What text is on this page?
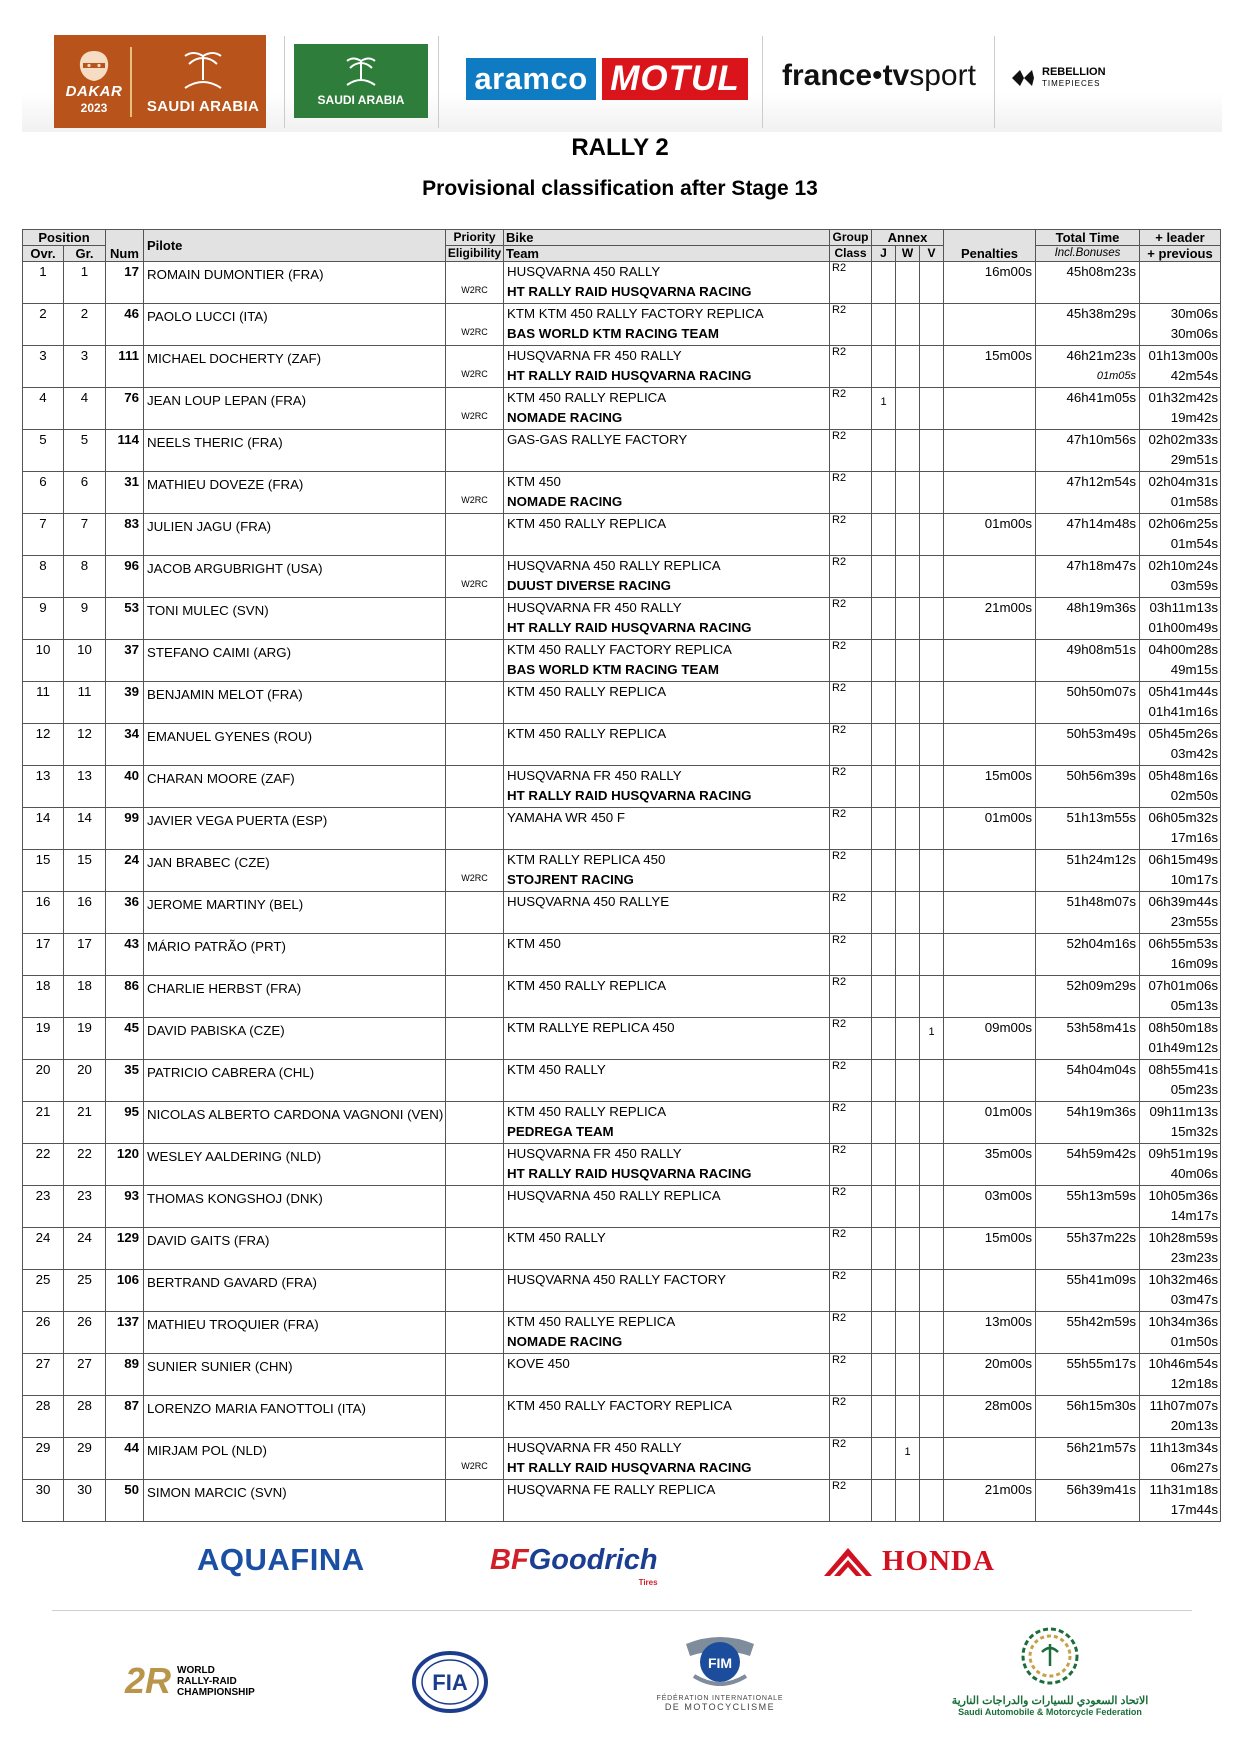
DAKAR
2023	SAUDI ARABIA	SAUDI ARABIA
aramco MOTUL france • tv sport	REBELLION
TIMEPIECES
RALLY 2
Provisional classification after Stage 13
Position		Num	Pilote	Priority	Bike	Group	Annex			Penalties	Total Time	+ leader
Ovr.	Gr.			Eligibility	Team	Class	J	W	V		Incl.Bonuses	+ previous
1	1	17	ROMAIN DUMONTIER (FRA)	W2RC	HUSQVARNA 450 RALLY
HT RALLY RAID HUSQVARNA RACING	R2				16m00s	45h08m23s	

2	2	46	PAOLO LUCCI (ITA)	W2RC	KTM KTM 450 RALLY FACTORY REPLICA
BAS WORLD KTM RACING TEAM	R2					45h38m29s	30m06s
30m06s

3	3	111	MICHAEL DOCHERTY (ZAF)	W2RC	HUSQVARNA FR 450 RALLY
HT RALLY RAID HUSQVARNA RACING	R2				15m00s	46h21m23s
01m05s	01h13m00s
42m54s

4	4	76	JEAN LOUP LEPAN (FRA)	W2RC	KTM 450 RALLY REPLICA
NOMADE RACING	R2	1				46h41m05s	01h32m42s
19m42s

5	5	114	NEELS THERIC (FRA)		GAS-GAS RALLYE FACTORY	R2					47h10m56s	02h02m33s
29m51s

6	6	31	MATHIEU DOVEZE (FRA)	W2RC	KTM 450
NOMADE RACING	R2					47h12m54s	02h04m31s
01m58s

7	7	83	JULIEN JAGU (FRA)		KTM 450 RALLY REPLICA	R2				01m00s	47h14m48s	02h06m25s
01m54s

8	8	96	JACOB ARGUBRIGHT (USA)	W2RC	HUSQVARNA 450 RALLY REPLICA
DUUST DIVERSE RACING	R2					47h18m47s	02h10m24s
03m59s

9	9	53	TONI MULEC (SVN)		HUSQVARNA FR 450 RALLY
HT RALLY RAID HUSQVARNA RACING	R2				21m00s	48h19m36s	03h11m13s
01h00m49s

10	10	37	STEFANO CAIMI (ARG)		KTM 450 RALLY FACTORY REPLICA
BAS WORLD KTM RACING TEAM	R2					49h08m51s	04h00m28s
49m15s

11	11	39	BENJAMIN MELOT (FRA)		KTM 450 RALLY REPLICA	R2					50h50m07s	05h41m44s
01h41m16s

12	12	34	EMANUEL GYENES (ROU)		KTM 450 RALLY REPLICA	R2					50h53m49s	05h45m26s
03m42s

13	13	40	CHARAN MOORE (ZAF)		HUSQVARNA FR 450 RALLY
HT RALLY RAID HUSQVARNA RACING	R2				15m00s	50h56m39s	05h48m16s
02m50s

14	14	99	JAVIER VEGA PUERTA (ESP)		YAMAHA WR 450 F	R2				01m00s	51h13m55s	06h05m32s
17m16s

15	15	24	JAN BRABEC (CZE)	W2RC	KTM RALLY REPLICA 450
STOJRENT RACING	R2					51h24m12s	06h15m49s
10m17s

16	16	36	JEROME MARTINY (BEL)		HUSQVARNA 450 RALLYE	R2					51h48m07s	06h39m44s
23m55s

17	17	43	MÁRIO PATRÃO (PRT)		KTM 450	R2					52h04m16s	06h55m53s
16m09s

18	18	86	CHARLIE HERBST (FRA)		KTM 450 RALLY REPLICA	R2					52h09m29s	07h01m06s
05m13s

19	19	45	DAVID PABISKA (CZE)		KTM RALLYE REPLICA 450	R2			1	09m00s	53h58m41s	08h50m18s
01h49m12s

20	20	35	PATRICIO CABRERA (CHL)		KTM 450 RALLY	R2					54h04m04s	08h55m41s
05m23s

21	21	95	NICOLAS ALBERTO CARDONA VAGNONI (VEN)		KTM 450 RALLY REPLICA
PEDREGA TEAM	R2				01m00s	54h19m36s	09h11m13s
15m32s

22	22	120	WESLEY AALDERING (NLD)		HUSQVARNA FR 450 RALLY
HT RALLY RAID HUSQVARNA RACING	R2				35m00s	54h59m42s	09h51m19s
40m06s

23	23	93	THOMAS KONGSHOJ (DNK)		HUSQVARNA 450 RALLY REPLICA	R2				03m00s	55h13m59s	10h05m36s
14m17s

24	24	129	DAVID GAITS (FRA)		KTM 450 RALLY	R2				15m00s	55h37m22s	10h28m59s
23m23s

25	25	106	BERTRAND GAVARD (FRA)		HUSQVARNA 450 RALLY FACTORY	R2					55h41m09s	10h32m46s
03m47s

26	26	137	MATHIEU TROQUIER (FRA)		KTM 450 RALLYE REPLICA
NOMADE RACING	R2				13m00s	55h42m59s	10h34m36s
01m50s

27	27	89	SUNIER SUNIER (CHN)		KOVE 450	R2				20m00s	55h55m17s	10h46m54s
12m18s

28	28	87	LORENZO MARIA FANOTTOLI (ITA)		KTM 450 RALLY FACTORY REPLICA	R2				28m00s	56h15m30s	11h07m07s
20m13s

29	29	44	MIRJAM POL (NLD)	W2RC	HUSQVARNA FR 450 RALLY
HT RALLY RAID HUSQVARNA RACING	R2		1			56h21m57s	11h13m34s
06m27s

30	30	50	SIMON MARCIC (SVN)		HUSQVARNA FE RALLY REPLICA	R2				21m00s	56h39m41s	11h31m18s
17m44s
AQUAFINA	BFGoodrich
Tires
HONDA
2R WORLD
RALLY-RAID
CHAMPIONSHIP	FIA
FIM
FÉDÉRATION INTERNATIONALE
DE MOTOCYCLISME	الاتحاد السعودي للسيارات والدراجات النارية
Saudi Automobile & Motorcycle Federation
